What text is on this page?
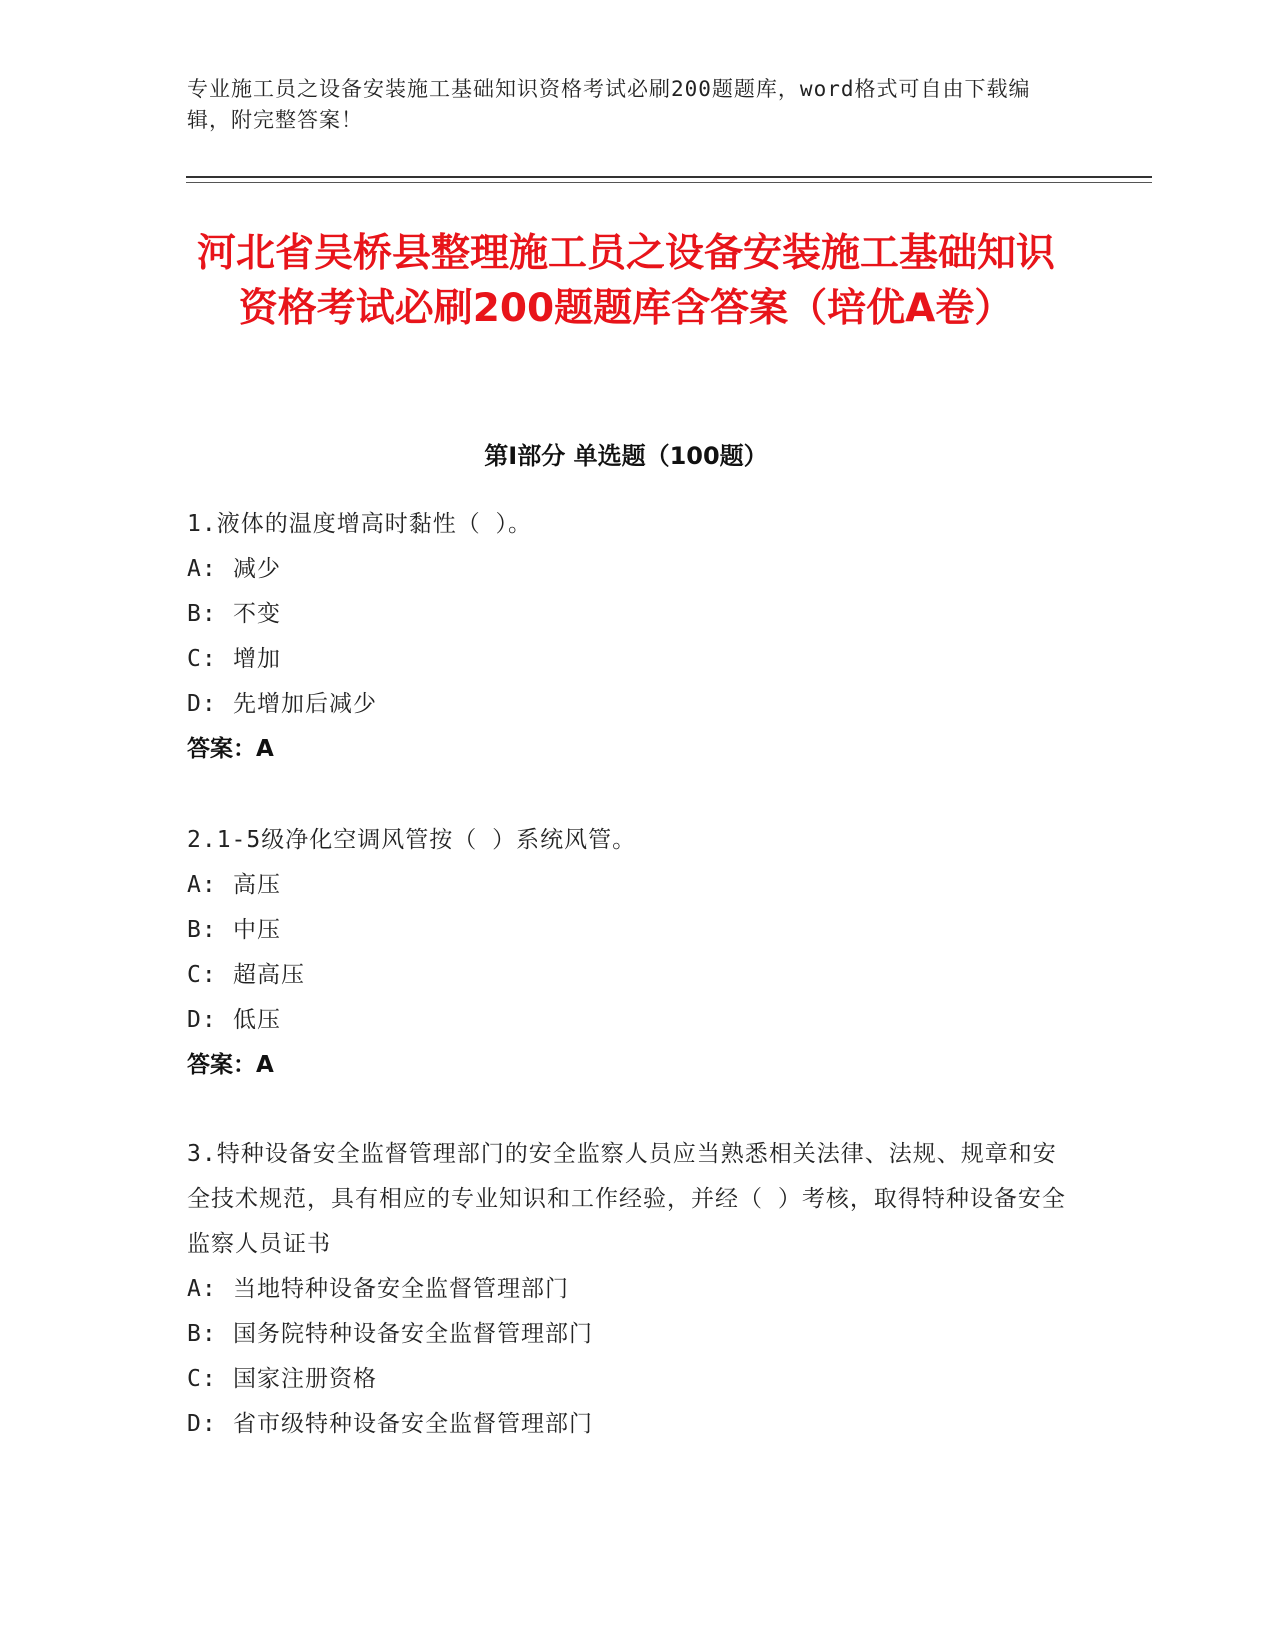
专业施工员之设备安装施工基础知识资格考试必刷200题题库，word格式可自由下载编辑，附完整答案！
河北省吴桥县整理施工员之设备安装施工基础知识资格考试必刷200题题库含答案（培优A卷）
第I部分 单选题（100题）
1.液体的温度增高时黏性（ ）。
A: 减少
B: 不变
C: 增加
D: 先增加后减少
答案：A
2.1-5级净化空调风管按（ ）系统风管。
A: 高压
B: 中压
C: 超高压
D: 低压
答案：A
3.特种设备安全监督管理部门的安全监察人员应当熟悉相关法律、法规、规章和安全技术规范，具有相应的专业知识和工作经验，并经（ ）考核，取得特种设备安全监察人员证书
A: 当地特种设备安全监督管理部门
B: 国务院特种设备安全监督管理部门
C: 国家注册资格
D: 省市级特种设备安全监督管理部门
